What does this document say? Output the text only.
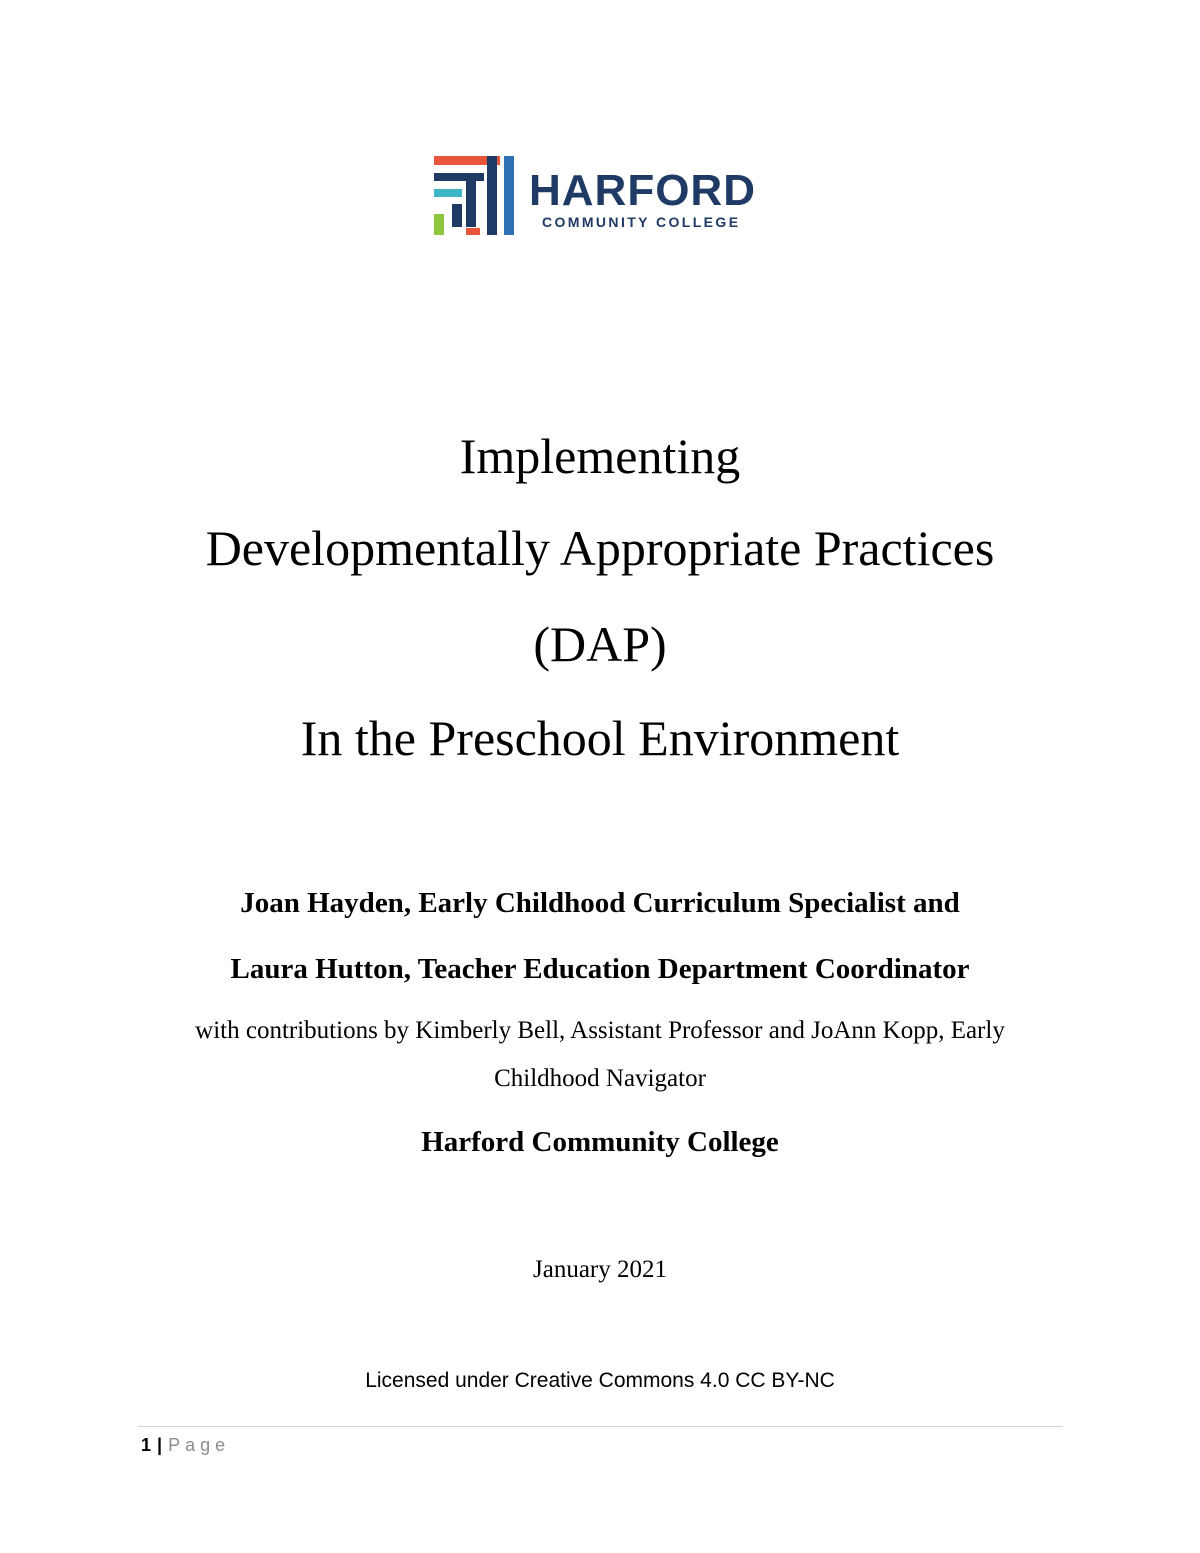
HARFORD
COMMUNITY COLLEGE
Implementing
Developmentally Appropriate Practices
(DAP)
In the Preschool Environment
Joan Hayden, Early Childhood Curriculum Specialist and
Laura Hutton, Teacher Education Department Coordinator
with contributions by Kimberly Bell, Assistant Professor and JoAnn Kopp, Early
Childhood Navigator
Harford Community College
January 2021
Licensed under Creative Commons 4.0 CC BY-NC
1 | Page
